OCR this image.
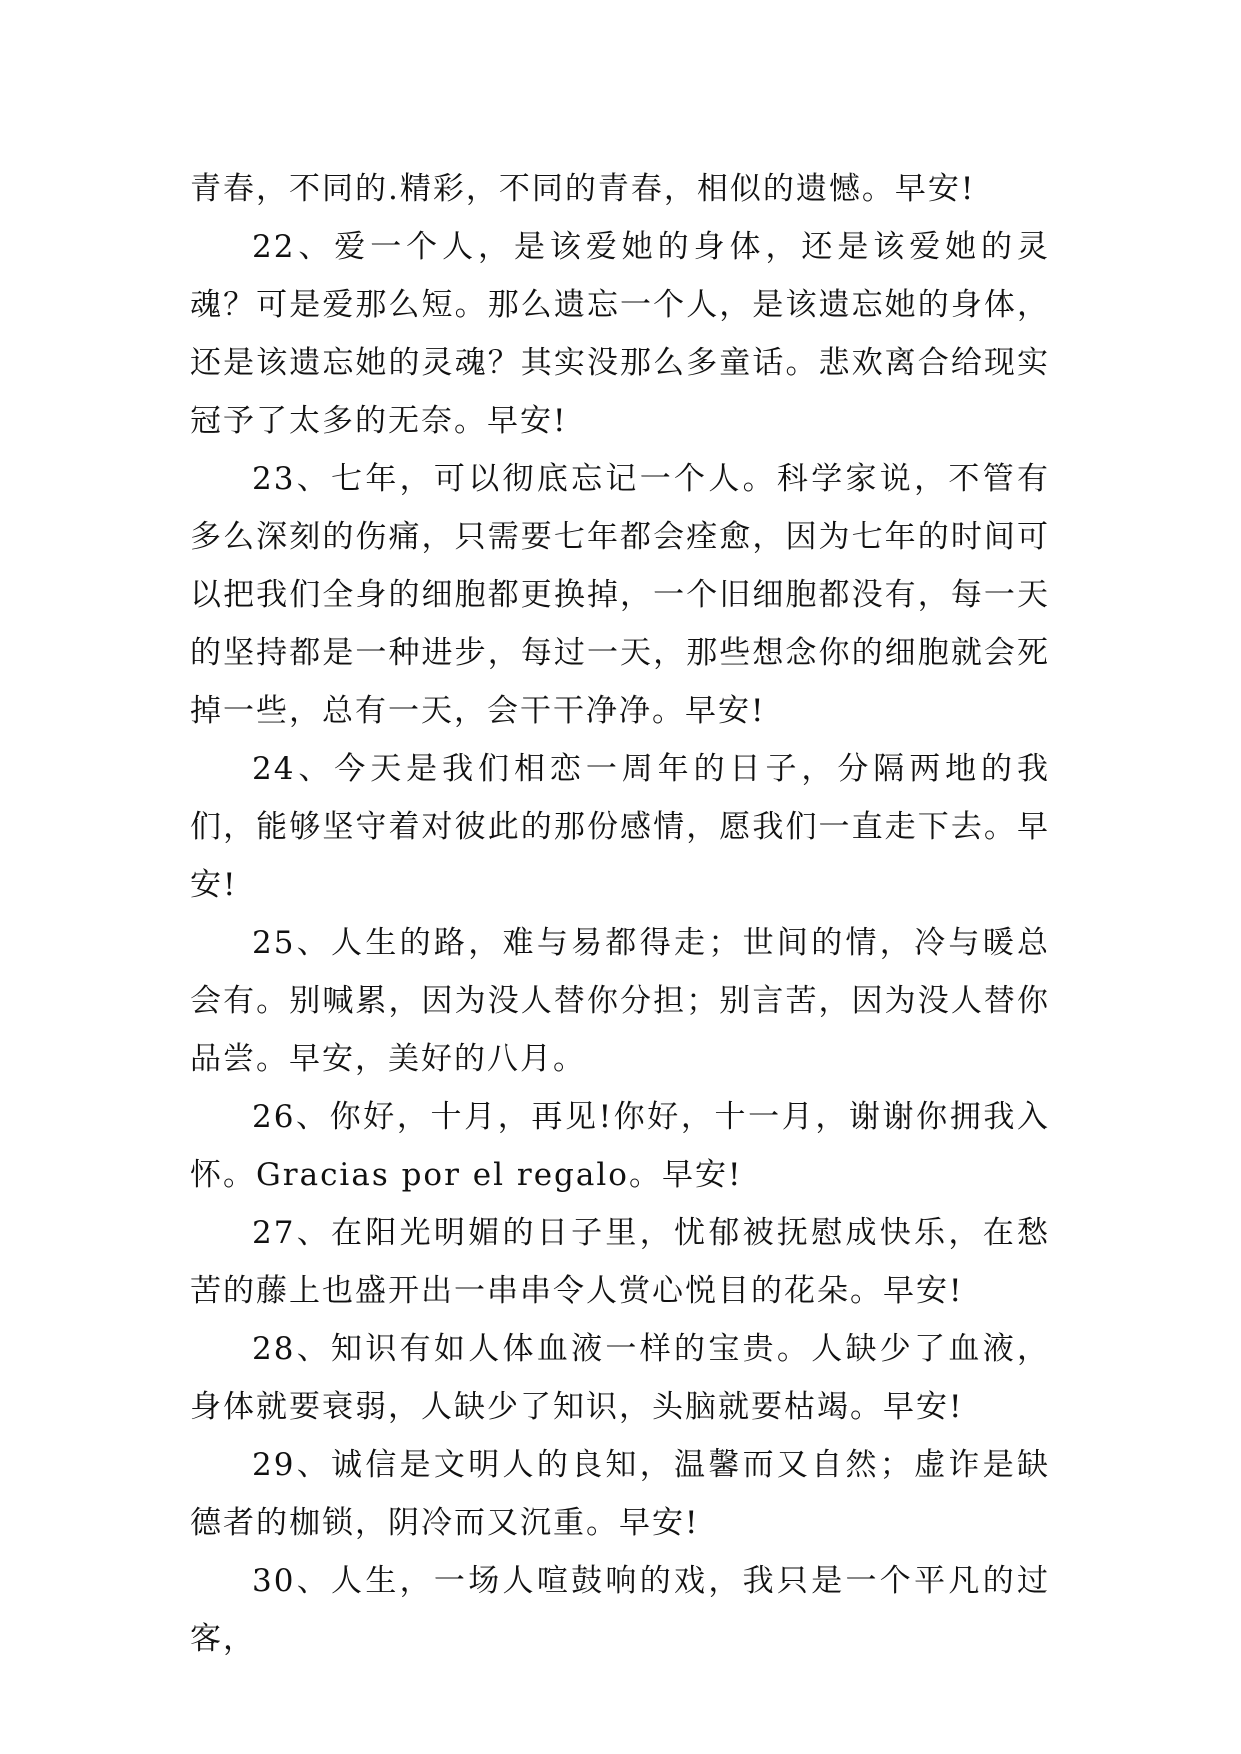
青春，不同的.精彩，不同的青春，相似的遗憾。早安!

22、爱一个人，是该爱她的身体，还是该爱她的灵魂？可是爱那么短。那么遗忘一个人，是该遗忘她的身体，还是该遗忘她的灵魂？其实没那么多童话。悲欢离合给现实冠予了太多的无奈。早安!

23、七年，可以彻底忘记一个人。科学家说，不管有多么深刻的伤痛，只需要七年都会痊愈，因为七年的时间可以把我们全身的细胞都更换掉，一个旧细胞都没有，每一天的坚持都是一种进步，每过一天，那些想念你的细胞就会死掉一些，总有一天，会干干净净。早安!

24、今天是我们相恋一周年的日子，分隔两地的我们，能够坚守着对彼此的那份感情，愿我们一直走下去。早安!

25、人生的路，难与易都得走；世间的情，冷与暖总会有。别喊累，因为没人替你分担；别言苦，因为没人替你品尝。早安，美好的八月。

26、你好，十月，再见!你好，十一月，谢谢你拥我入怀。Gracias por el regalo。早安!

27、在阳光明媚的日子里，忧郁被抚慰成快乐，在愁苦的藤上也盛开出一串串令人赏心悦目的花朵。早安!

28、知识有如人体血液一样的宝贵。人缺少了血液，身体就要衰弱，人缺少了知识，头脑就要枯竭。早安!

29、诚信是文明人的良知，温馨而又自然；虚诈是缺德者的枷锁，阴冷而又沉重。早安!

30、人生，一场人喧鼓响的戏，我只是一个平凡的过客，
